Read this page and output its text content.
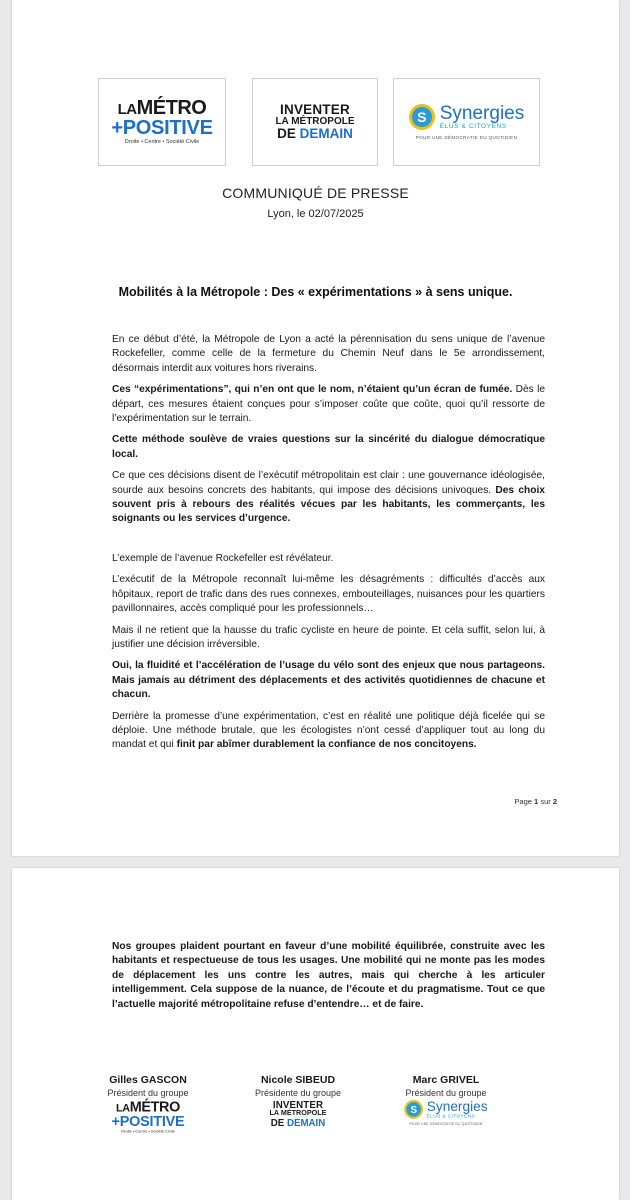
LAMÉTRO
+POSITIVE
Droite • Centre • Société Civile
INVENTER
LA MÉTROPOLE
DE DEMAIN
S Synergies
ÉLUS & CITOYENS
POUR UNE DÉMOCRATIE DU QUOTIDIEN
COMMUNIQUÉ DE PRESSE
Lyon, le 02/07/2025
Mobilités à la Métropole : Des « expérimentations » à sens unique.

En ce début d’été, la Métropole de Lyon a acté la pérennisation du sens unique de l’avenue Rockefeller, comme celle de la fermeture du Chemin Neuf dans le 5e arrondissement, désormais interdit aux voitures hors riverains.

Ces “expérimentations”, qui n’en ont que le nom, n’étaient qu’un écran de fumée. Dès le départ, ces mesures étaient conçues pour s’imposer coûte que coûte, quoi qu’il ressorte de l’expérimentation sur le terrain.

Cette méthode soulève de vraies questions sur la sincérité du dialogue démocratique local.

Ce que ces décisions disent de l’exécutif métropolitain est clair : une gouvernance idéologisée, sourde aux besoins concrets des habitants, qui impose des décisions univoques. Des choix souvent pris à rebours des réalités vécues par les habitants, les commerçants, les soignants ou les services d’urgence.

L’exemple de l’avenue Rockefeller est révélateur.

L’exécutif de la Métropole reconnaît lui-même les désagréments : difficultés d’accès aux hôpitaux, report de trafic dans des rues connexes, embouteillages, nuisances pour les quartiers pavillonnaires, accès compliqué pour les professionnels…

Mais il ne retient que la hausse du trafic cycliste en heure de pointe. Et cela suffit, selon lui, à justifier une décision irréversible.

Oui, la fluidité et l’accélération de l’usage du vélo sont des enjeux que nous partageons. Mais jamais au détriment des déplacements et des activités quotidiennes de chacune et chacun.

Derrière la promesse d’une expérimentation, c’est en réalité une politique déjà ficelée qui se déploie. Une méthode brutale, que les écologistes n’ont cessé d’appliquer tout au long du mandat et qui finit par abîmer durablement la confiance de nos concitoyens.

Page 1 sur 2

Nos groupes plaident pourtant en faveur d’une mobilité équilibrée, construite avec les habitants et respectueuse de tous les usages. Une mobilité qui ne monte pas les modes de déplacement les uns contre les autres, mais qui cherche à les articuler intelligemment. Cela suppose de la nuance, de l’écoute et du pragmatisme. Tout ce que l’actuelle majorité métropolitaine refuse d’entendre… et de faire.

Gilles GASCON
Président du groupe
LAMÉTRO
+POSITIVE
Droite • Centre • Société Civile
Nicole SIBEUD
Présidente du groupe
INVENTER
LA MÉTROPOLE
DE DEMAIN
Marc GRIVEL
Président du groupe
S Synergies
ÉLUS & CITOYENS
POUR UNE DÉMOCRATIE DU QUOTIDIEN
